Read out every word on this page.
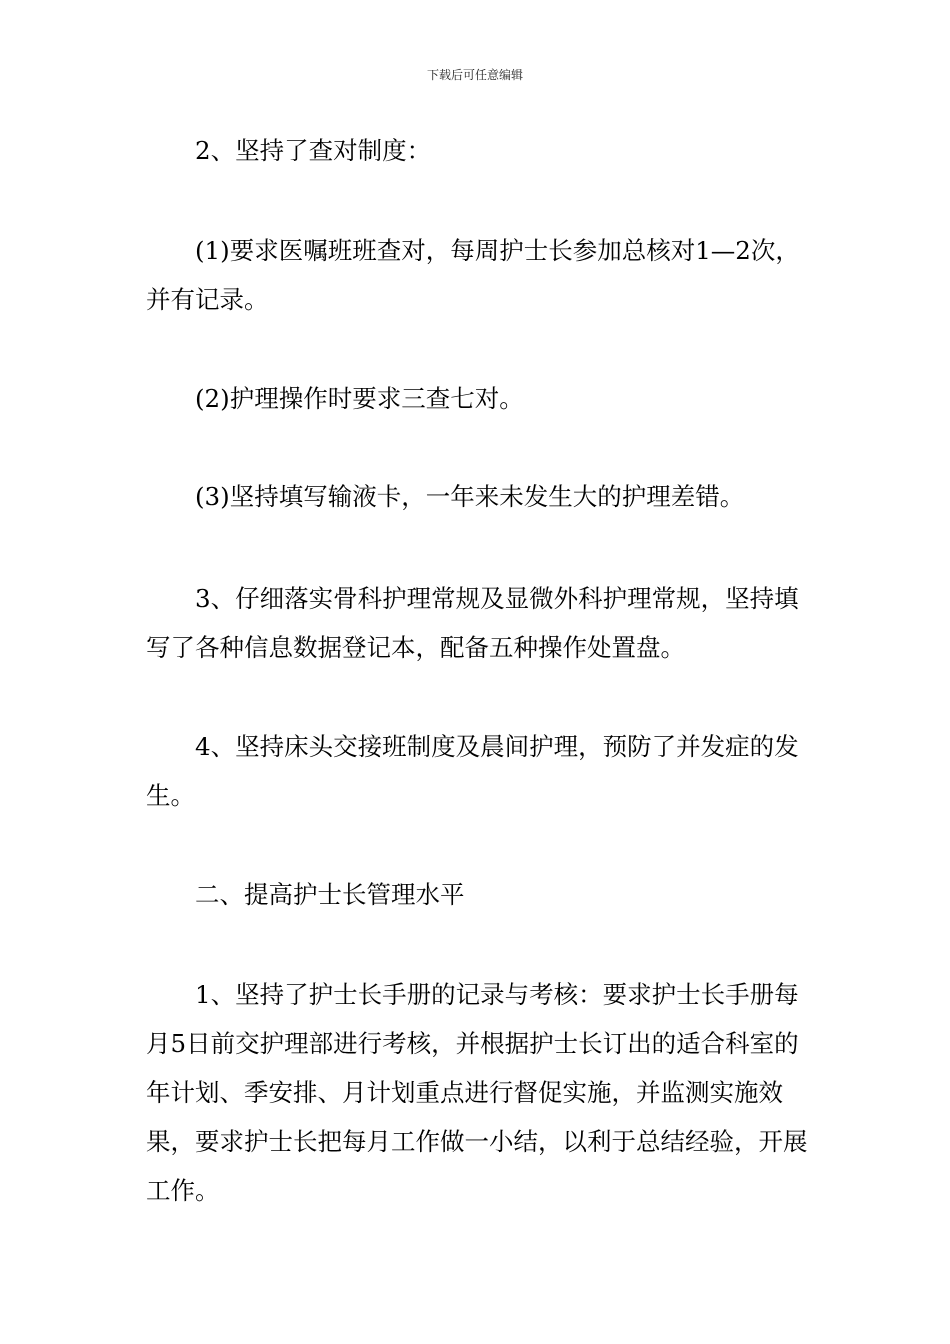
下载后可任意编辑

2、坚持了查对制度：

(1)要求医嘱班班查对，每周护士长参加总核对1—2次，并有记录。

(2)护理操作时要求三查七对。

(3)坚持填写输液卡，一年来未发生大的护理差错。

3、仔细落实骨科护理常规及显微外科护理常规，坚持填写了各种信息数据登记本，配备五种操作处置盘。

4、坚持床头交接班制度及晨间护理，预防了并发症的发生。

二、提高护士长管理水平

1、坚持了护士长手册的记录与考核：要求护士长手册每月5日前交护理部进行考核，并根据护士长订出的适合科室的年计划、季安排、月计划重点进行督促实施，并监测实施效果，要求护士长把每月工作做一小结，以利于总结经验，开展工作。
